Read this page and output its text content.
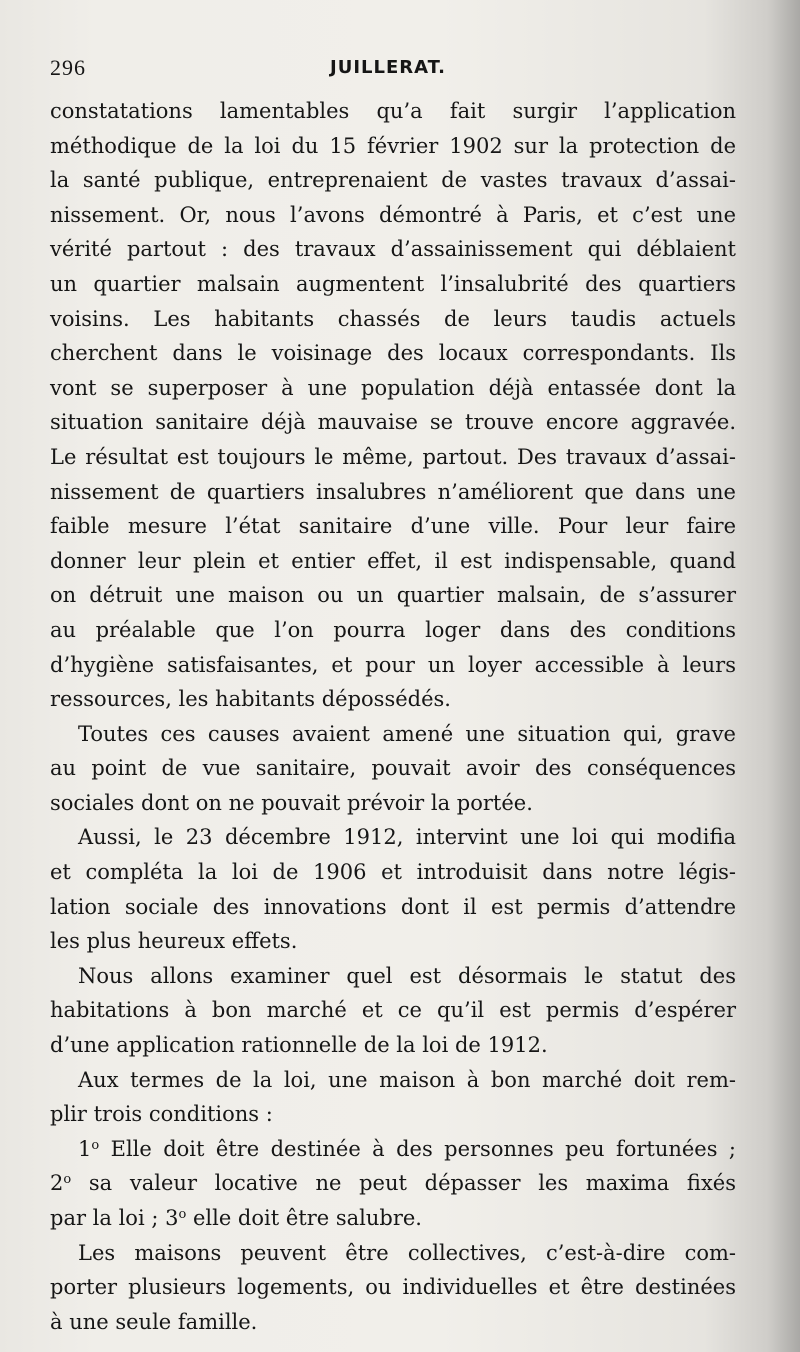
296	JUILLERAT.
constatations lamentables qu’a fait surgir l’application
méthodique de la loi du 15 février 1902 sur la protection de
la santé publique, entreprenaient de vastes travaux d’assai-
nissement. Or, nous l’avons démontré à Paris, et c’est une
vérité partout : des travaux d’assainissement qui déblaient
un quartier malsain augmentent l’insalubrité des quartiers
voisins. Les habitants chassés de leurs taudis actuels
cherchent dans le voisinage des locaux correspondants. Ils
vont se superposer à une population déjà entassée dont la
situation sanitaire déjà mauvaise se trouve encore aggravée.
Le résultat est toujours le même, partout. Des travaux d’assai-
nissement de quartiers insalubres n’améliorent que dans une
faible mesure l’état sanitaire d’une ville. Pour leur faire
donner leur plein et entier effet, il est indispensable, quand
on détruit une maison ou un quartier malsain, de s’assurer
au préalable que l’on pourra loger dans des conditions
d’hygiène satisfaisantes, et pour un loyer accessible à leurs
ressources, les habitants dépossédés.
Toutes ces causes avaient amené une situation qui, grave
au point de vue sanitaire, pouvait avoir des conséquences
sociales dont on ne pouvait prévoir la portée.
Aussi, le 23 décembre 1912, intervint une loi qui modifia
et compléta la loi de 1906 et introduisit dans notre légis-
lation sociale des innovations dont il est permis d’attendre
les plus heureux effets.
Nous allons examiner quel est désormais le statut des
habitations à bon marché et ce qu’il est permis d’espérer
d’une application rationnelle de la loi de 1912.
Aux termes de la loi, une maison à bon marché doit rem-
plir trois conditions :
1$^o$ Elle doit être destinée à des personnes peu fortunées ;
2$^o$ sa valeur locative ne peut dépasser les maxima fixés
par la loi ; 3$^o$ elle doit être salubre.
Les maisons peuvent être collectives, c’est-à-dire com-
porter plusieurs logements, ou individuelles et être destinées
à une seule famille.
